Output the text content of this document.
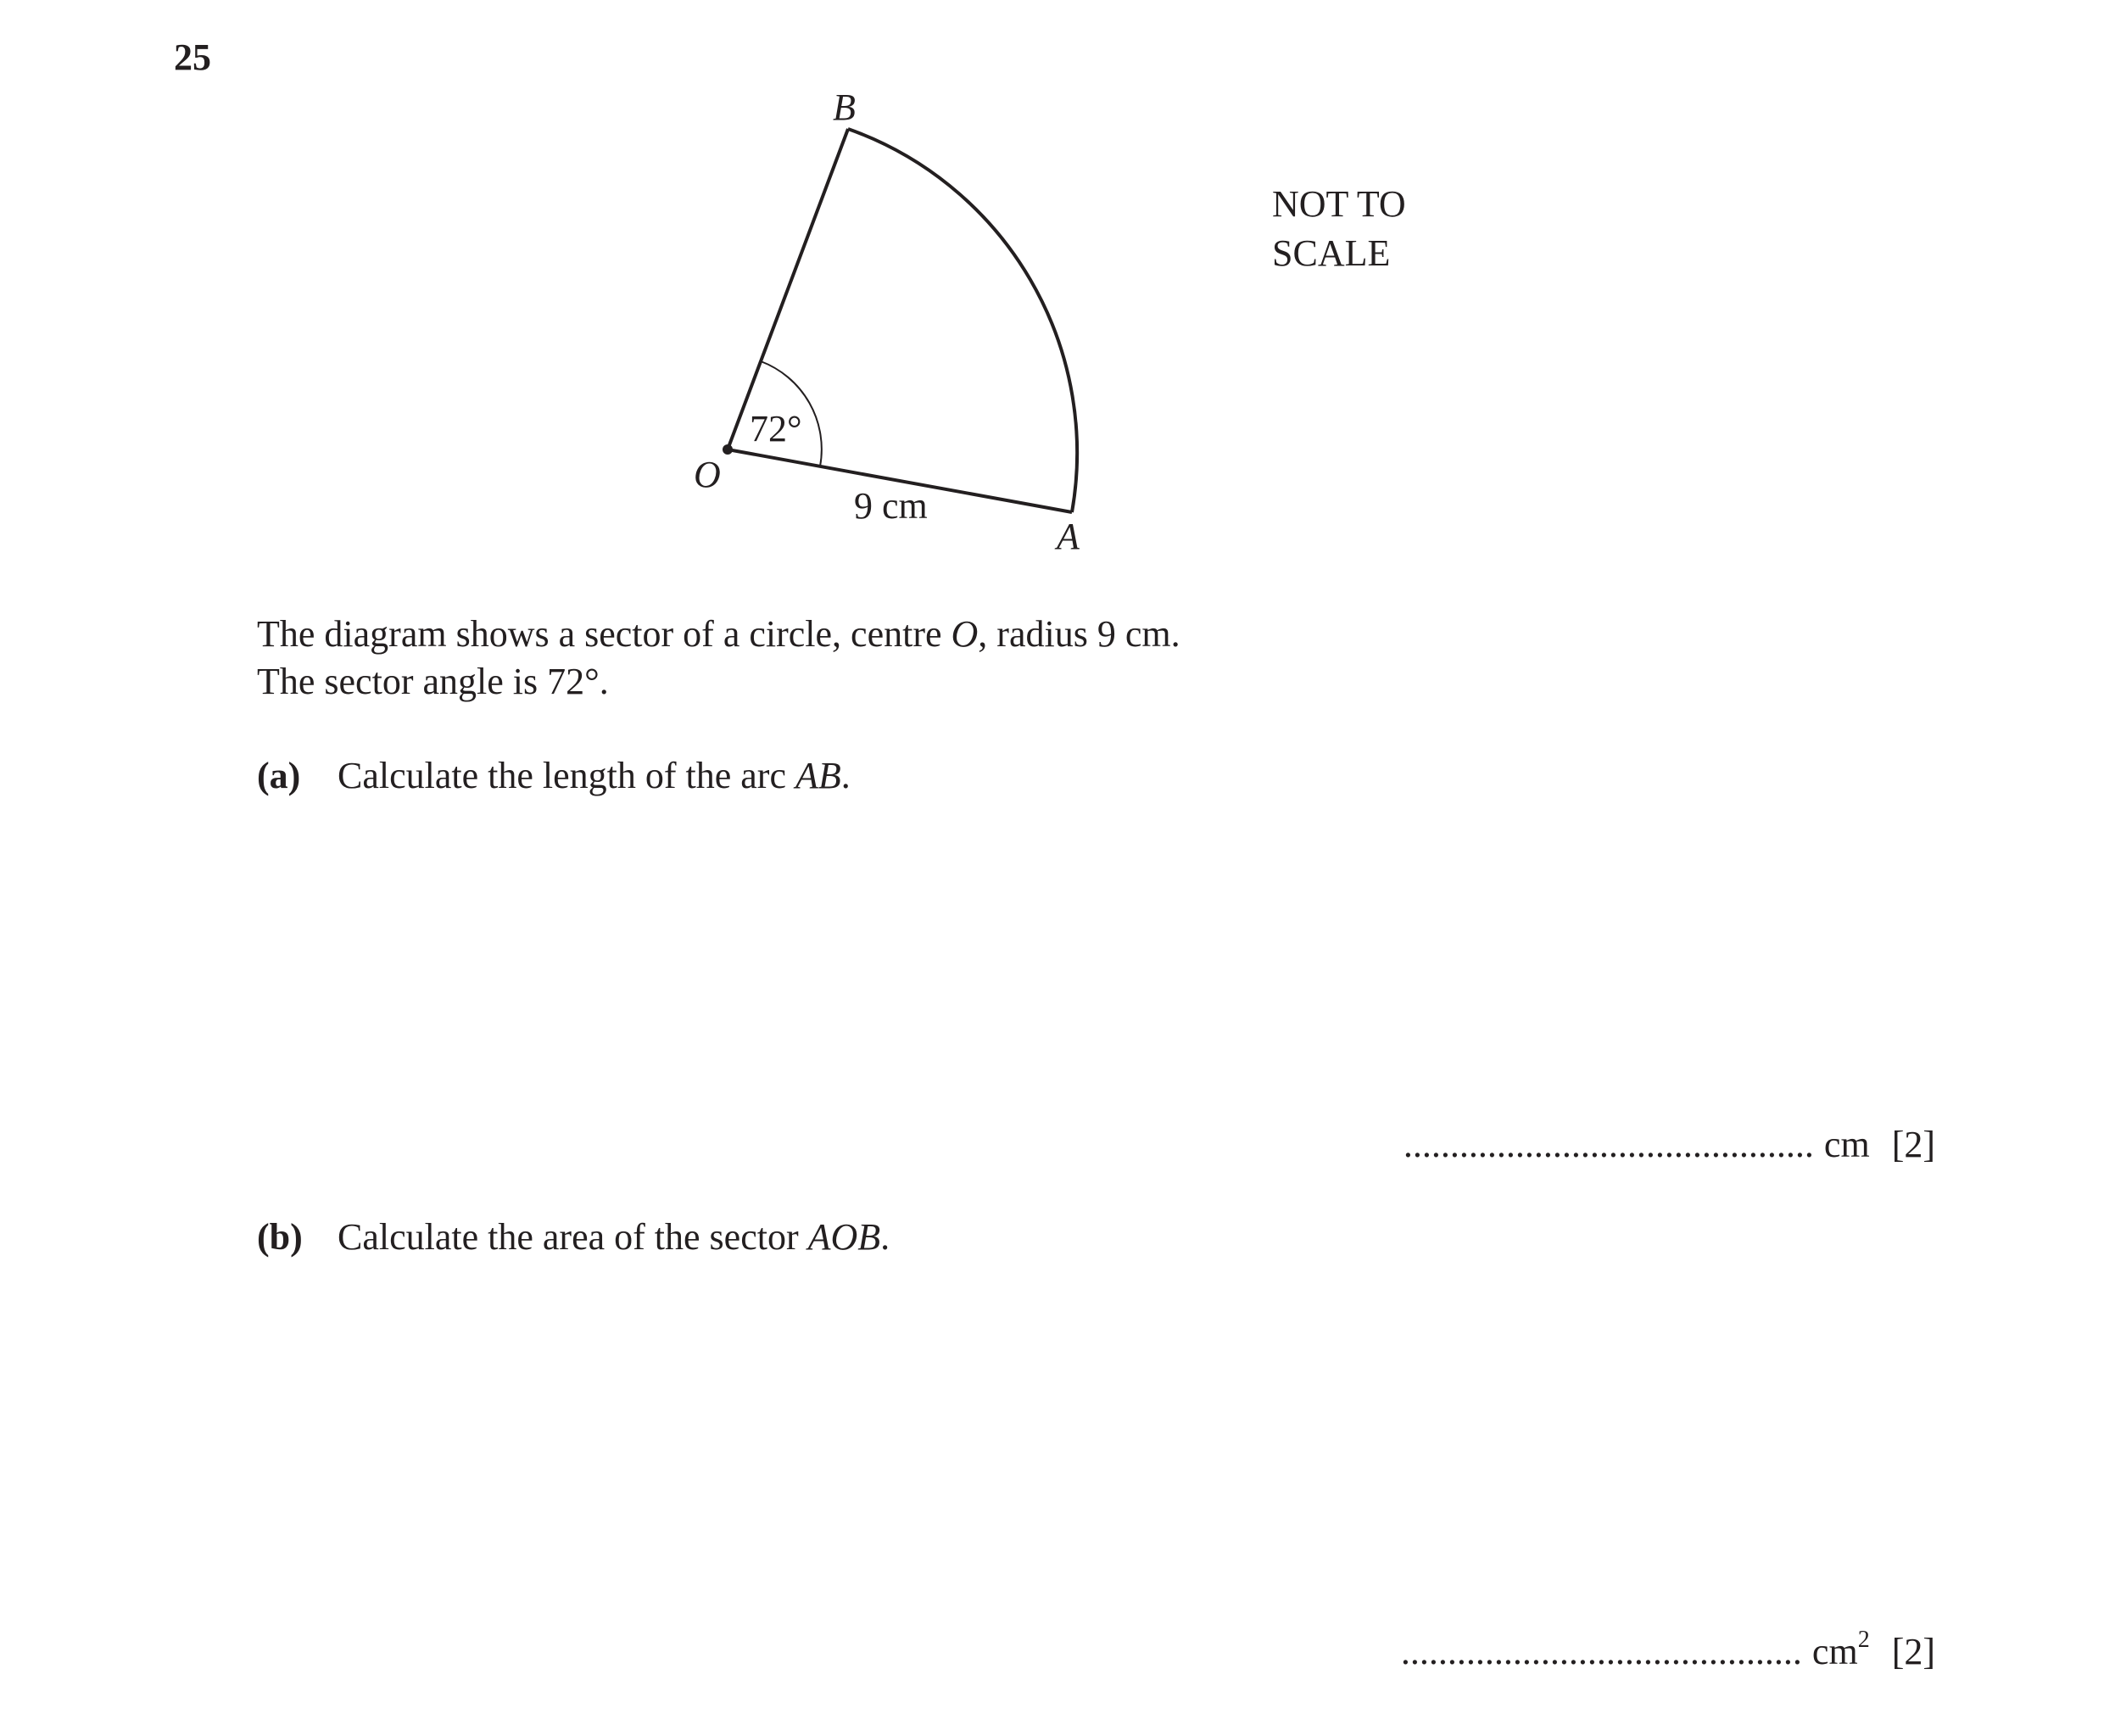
25
B
O
A
72°
9 cm
NOT TO
SCALE
The diagram shows a sector of a circle, centre O, radius 9 cm.
The sector angle is 72°.
(a) Calculate the length of the arc AB.
............................................ cm [2]
(b) Calculate the area of the sector AOB.
........................................... $cm^2$ [2]
